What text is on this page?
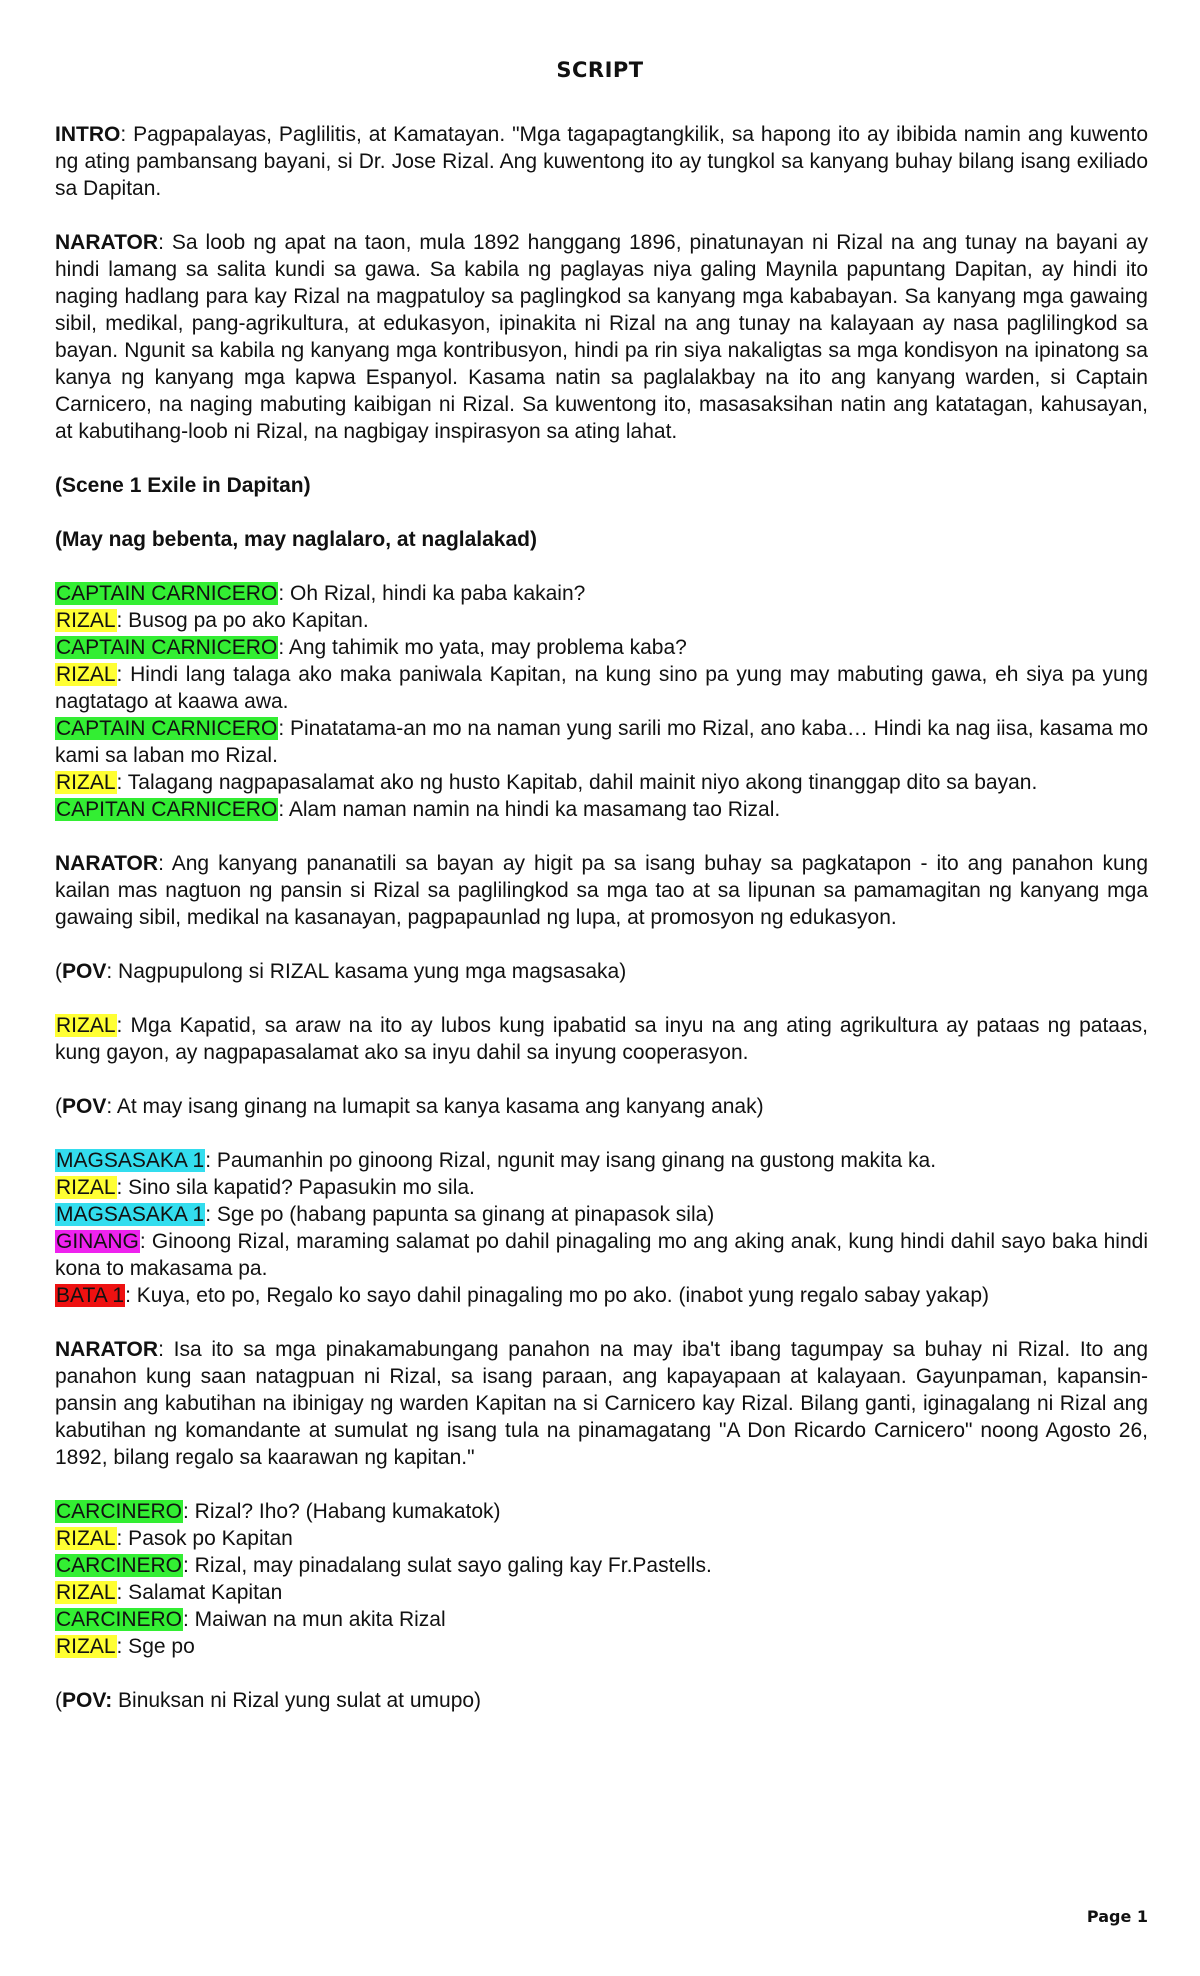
SCRIPT

INTRO: Pagpapalayas, Paglilitis, at Kamatayan. "Mga tagapagtangkilik, sa hapong ito ay ibibida namin ang kuwento ng ating pambansang bayani, si Dr. Jose Rizal. Ang kuwentong ito ay tungkol sa kanyang buhay bilang isang exiliado sa Dapitan.

NARATOR: Sa loob ng apat na taon, mula 1892 hanggang 1896, pinatunayan ni Rizal na ang tunay na bayani ay hindi lamang sa salita kundi sa gawa. Sa kabila ng paglayas niya galing Maynila papuntang Dapitan, ay hindi ito naging hadlang para kay Rizal na magpatuloy sa paglingkod sa kanyang mga kababayan. Sa kanyang mga gawaing sibil, medikal, pang-agrikultura, at edukasyon, ipinakita ni Rizal na ang tunay na kalayaan ay nasa paglilingkod sa bayan. Ngunit sa kabila ng kanyang mga kontribusyon, hindi pa rin siya nakaligtas sa mga kondisyon na ipinatong sa kanya ng kanyang mga kapwa Espanyol. Kasama natin sa paglalakbay na ito ang kanyang warden, si Captain Carnicero, na naging mabuting kaibigan ni Rizal. Sa kuwentong ito, masasaksihan natin ang katatagan, kahusayan, at kabutihang-loob ni Rizal, na nagbigay inspirasyon sa ating lahat.

(Scene 1 Exile in Dapitan)

(May nag bebenta, may naglalaro, at naglalakad)

CAPTAIN CARNICERO: Oh Rizal, hindi ka paba kakain?

RIZAL: Busog pa po ako Kapitan.

CAPTAIN CARNICERO: Ang tahimik mo yata, may problema kaba?

RIZAL: Hindi lang talaga ako maka paniwala Kapitan, na kung sino pa yung may mabuting gawa, eh siya pa yung nagtatago at kaawa awa.

CAPTAIN CARNICERO: Pinatatama-an mo na naman yung sarili mo Rizal, ano kaba… Hindi ka nag iisa, kasama mo kami sa laban mo Rizal.

RIZAL: Talagang nagpapasalamat ako ng husto Kapitab, dahil mainit niyo akong tinanggap dito sa bayan.

CAPITAN CARNICERO: Alam naman namin na hindi ka masamang tao Rizal.

NARATOR: Ang kanyang pananatili sa bayan ay higit pa sa isang buhay sa pagkatapon - ito ang panahon kung kailan mas nagtuon ng pansin si Rizal sa paglilingkod sa mga tao at sa lipunan sa pamamagitan ng kanyang mga gawaing sibil, medikal na kasanayan, pagpapaunlad ng lupa, at promosyon ng edukasyon.

(POV: Nagpupulong si RIZAL kasama yung mga magsasaka)

RIZAL: Mga Kapatid, sa araw na ito ay lubos kung ipabatid sa inyu na ang ating agrikultura ay pataas ng pataas, kung gayon, ay nagpapasalamat ako sa inyu dahil sa inyung cooperasyon.

(POV: At may isang ginang na lumapit sa kanya kasama ang kanyang anak)

MAGSASAKA 1: Paumanhin po ginoong Rizal, ngunit may isang ginang na gustong makita ka.

RIZAL: Sino sila kapatid? Papasukin mo sila.

MAGSASAKA 1: Sge po (habang papunta sa ginang at pinapasok sila)

GINANG: Ginoong Rizal, maraming salamat po dahil pinagaling mo ang aking anak, kung hindi dahil sayo baka hindi kona to makasama pa.

BATA 1: Kuya, eto po, Regalo ko sayo dahil pinagaling mo po ako. (inabot yung regalo sabay yakap)

NARATOR: Isa ito sa mga pinakamabungang panahon na may iba't ibang tagumpay sa buhay ni Rizal. Ito ang panahon kung saan natagpuan ni Rizal, sa isang paraan, ang kapayapaan at kalayaan. Gayunpaman, kapansin-pansin ang kabutihan na ibinigay ng warden Kapitan na si Carnicero kay Rizal. Bilang ganti, iginagalang ni Rizal ang kabutihan ng komandante at sumulat ng isang tula na pinamagatang "A Don Ricardo Carnicero" noong Agosto 26, 1892, bilang regalo sa kaarawan ng kapitan."

CARCINERO: Rizal? Iho? (Habang kumakatok)

RIZAL: Pasok po Kapitan

CARCINERO: Rizal, may pinadalang sulat sayo galing kay Fr.Pastells.

RIZAL: Salamat Kapitan

CARCINERO: Maiwan na mun akita Rizal

RIZAL: Sge po

(POV: Binuksan ni Rizal yung sulat at umupo)

Page 1
